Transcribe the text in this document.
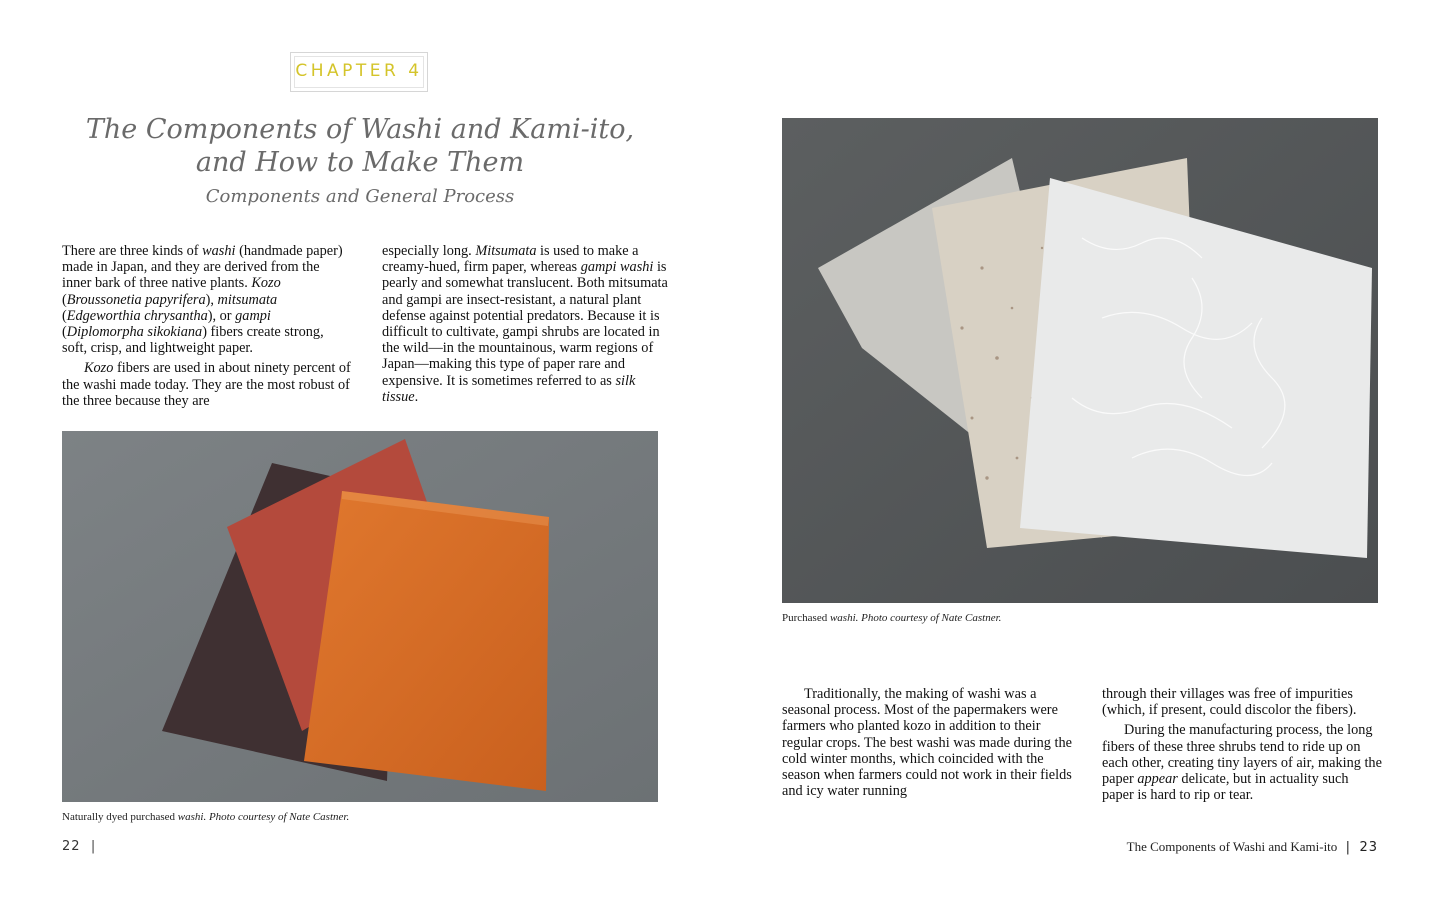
CHAPTER 4
The Components of Washi and Kami-ito,
and How to Make Them
Components and General Process

There are three kinds of washi (handmade paper) made in Japan, and they are derived from the inner bark of three native plants. Kozo (Broussonetia papyrifera), mitsumata (Edgeworthia chrysantha), or gampi (Diplomorpha sikokiana) fibers create strong, soft, crisp, and lightweight paper.

Kozo fibers are used in about ninety percent of the washi made today. They are the most robust of the three because they are

especially long. Mitsumata is used to make a creamy-hued, firm paper, whereas gampi washi is pearly and somewhat translucent. Both mitsumata and gampi are insect-resistant, a natural plant defense against potential predators. Because it is difficult to cultivate, gampi shrubs are located in the wild—in the mountainous, warm regions of Japan—making this type of paper rare and expensive. It is sometimes referred to as silk tissue.

Naturally dyed purchased washi. Photo courtesy of Nate Castner.
Purchased washi. Photo courtesy of Nate Castner.

Traditionally, the making of washi was a seasonal process. Most of the papermakers were farmers who planted kozo in addition to their regular crops. The best washi was made during the cold winter months, which coincided with the season when farmers could not work in their fields and icy water running

through their villages was free of impurities (which, if present, could discolor the fibers).

During the manufacturing process, the long fibers of these three shrubs tend to ride up on each other, creating tiny layers of air, making the paper appear delicate, but in actuality such paper is hard to rip or tear.

22  |	The Components of Washi and Kami-ito  |  23
